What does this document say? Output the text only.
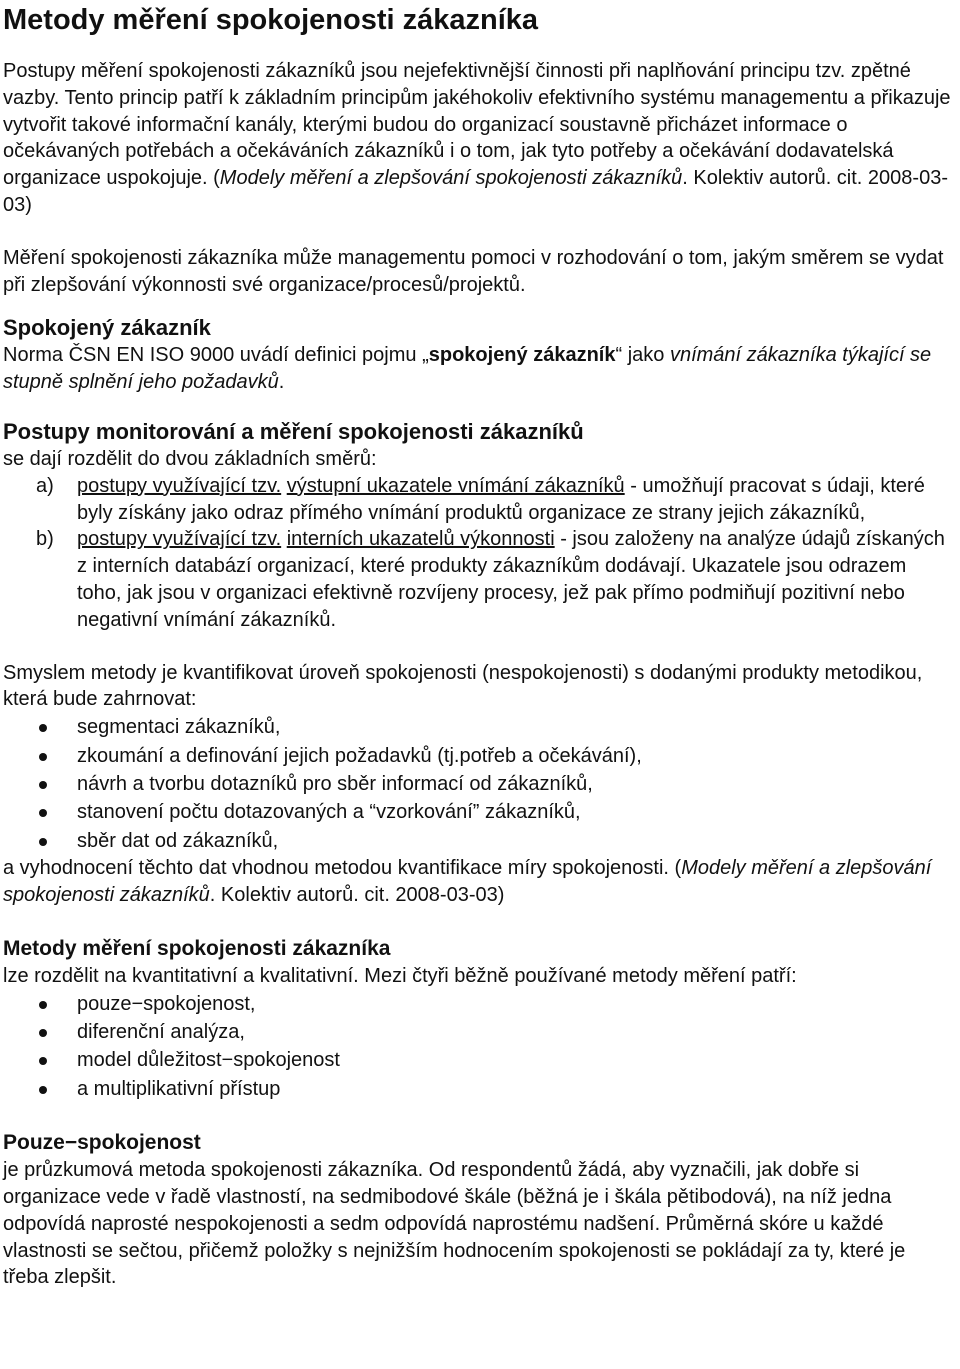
Metody měření spokojenosti zákazníka

Postupy měření spokojenosti zákazníků jsou nejefektivnější činnosti při naplňování principu tzv. zpětné vazby. Tento princip patří k základním principům jakéhokoliv efektivního systému managementu a přikazuje vytvořit takové informační kanály, kterými budou do organizací soustavně přicházet informace o očekávaných potřebách a očekáváních zákazníků i o tom, jak tyto potřeby a očekávání dodavatelská organizace uspokojuje. (Modely měření a zlepšování spokojenosti zákazníků. Kolektiv autorů. cit. 2008-03-03)

Měření spokojenosti zákazníka může managementu pomoci v rozhodování o tom, jakým směrem se vydat při zlepšování výkonnosti své organizace/procesů/projektů.

Spokojený zákazník

Norma ČSN EN ISO 9000 uvádí definici pojmu „spokojený zákazník“ jako vnímání zákazníka týkající se stupně splnění jeho požadavků.

Postupy monitorování a měření spokojenosti zákazníků

se dají rozdělit do dvou základních směrů:

a) postupy využívající tzv. výstupní ukazatele vnímání zákazníků - umožňují pracovat s údaji, které byly získány jako odraz přímého vnímání produktů organizace ze strany jejich zákazníků,
b) postupy využívající tzv. interních ukazatelů výkonnosti - jsou založeny na analýze údajů získaných z interních databází organizací, které produkty zákazníkům dodávají. Ukazatele jsou odrazem toho, jak jsou v organizaci efektivně rozvíjeny procesy, jež pak přímo podmiňují pozitivní nebo negativní vnímání zákazníků.

Smyslem metody je kvantifikovat úroveň spokojenosti (nespokojenosti) s dodanými produkty metodikou, která bude zahrnovat:

segmentaci zákazníků,
zkoumání a definování jejich požadavků (tj.potřeb a očekávání),
návrh a tvorbu dotazníků pro sběr informací od zákazníků,
stanovení počtu dotazovaných a “vzorkování” zákazníků,
sběr dat od zákazníků,

a vyhodnocení těchto dat vhodnou metodou kvantifikace míry spokojenosti. (Modely měření a zlepšování spokojenosti zákazníků. Kolektiv autorů. cit. 2008-03-03)

Metody měření spokojenosti zákazníka

lze rozdělit na kvantitativní a kvalitativní. Mezi čtyři běžně používané metody měření patří:

pouze−spokojenost,
diferenční analýza,
model důležitost−spokojenost
a multiplikativní přístup
Pouze−spokojenost

je průzkumová metoda spokojenosti zákazníka. Od respondentů žádá, aby vyznačili, jak dobře si organizace vede v řadě vlastností, na sedmibodové škále (běžná je i škála pětibodová), na níž jedna odpovídá naprosté nespokojenosti a sedm odpovídá naprostému nadšení. Průměrná skóre u každé vlastnosti se sečtou, přičemž položky s nejnižším hodnocením spokojenosti se pokládají za ty, které je třeba zlepšit.
